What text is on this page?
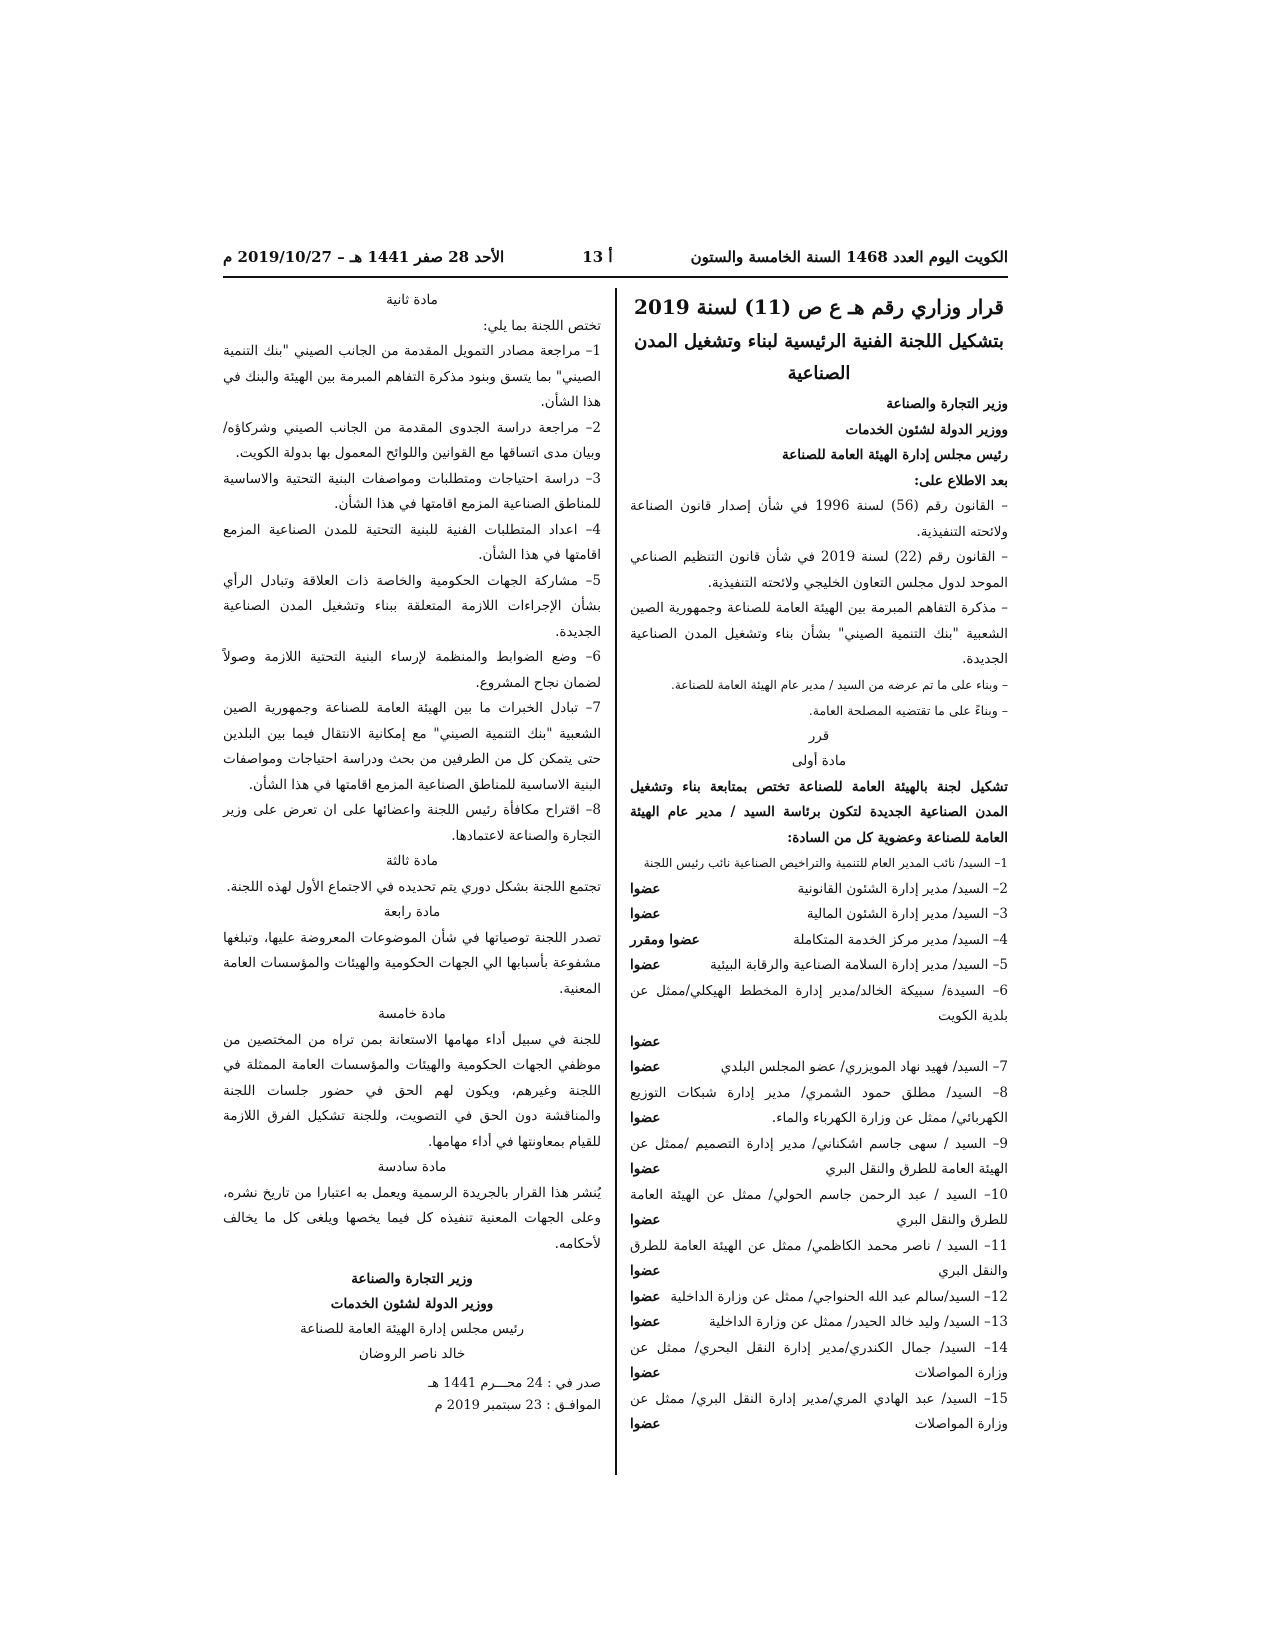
الكويت اليوم العدد 1468 السنة الخامسة والستون
أ 13
الأحد 28 صفر 1441 هـ – 2019/10/27 م
قرار وزاري رقم هـ ع ص (11) لسنة 2019
بتشكيل اللجنة الفنية الرئيسية لبناء وتشغيل المدن الصناعية

وزير التجارة والصناعة

ووزير الدولة لشئون الخدمات

رئيس مجلس إدارة الهيئة العامة للصناعة

بعد الاطلاع على:

– القانون رقم (56) لسنة 1996 في شأن إصدار قانون الصناعة ولائحته التنفيذية.

– القانون رقم (22) لسنة 2019 في شأن قانون التنظيم الصناعي الموحد لدول مجلس التعاون الخليجي ولائحته التنفيذية.

– مذكرة التفاهم المبرمة بين الهيئة العامة للصناعة وجمهورية الصين الشعبية "بنك التنمية الصيني" بشأن بناء وتشغيل المدن الصناعية الجديدة.

– وبناء على ما تم عرضه من السيد / مدير عام الهيئة العامة للصناعة.

– وبناءً على ما تقتضيه المصلحة العامة.

قرر

مادة أولى

تشكيل لجنة بالهيئة العامة للصناعة تختص بمتابعة بناء وتشغيل المدن الصناعية الجديدة لتكون برئاسة السيد / مدير عام الهيئة العامة للصناعة وعضوية كل من السادة:

1– السيد/ نائب المدير العام للتنمية والتراخيص الصناعية نائب رئيس اللجنة

2– السيد/ مدير إدارة الشئون القانونية
عضوا
3– السيد/ مدير إدارة الشئون المالية
عضوا
4– السيد/ مدير مركز الخدمة المتكاملة
عضوا ومقرر
5– السيد/ مدير إدارة السلامة الصناعية والرقابة البيئية
عضوا

6– السيدة/ سبيكة الخالد/مدير إدارة المخطط الهيكلي/ممثل عن بلدية الكويت

عضوا

7– السيد/ فهيد نهاد المويزري/ عضو المجلس البلدي
عضوا

8– السيد/ مطلق حمود الشمري/ مدير إدارة شبكات التوزيع الكهربائي/ ممثل عن وزارة الكهرباء والماء.
عضوا

9– السيد / سهى جاسم اشكناني/ مدير إدارة التصميم /ممثل عن الهيئة العامة للطرق والنقل البري
عضوا

10– السيد / عبد الرحمن جاسم الحولي/ ممثل عن الهيئة العامة للطرق والنقل البري
عضوا

11– السيد / ناصر محمد الكاظمي/ ممثل عن الهيئة العامة للطرق والنقل البري
عضوا

12– السيد/سالم عبد الله الحنواجي/ ممثل عن وزارة الداخلية
عضوا
13– السيد/ وليد خالد الحيدر/ ممثل عن وزارة الداخلية
عضوا

14– السيد/ جمال الكندري/مدير إدارة النقل البحري/ ممثل عن وزارة المواصلات
عضوا

15– السيد/ عبد الهادي المري/مدير إدارة النقل البري/ ممثل عن وزارة المواصلات
عضوا

مادة ثانية

تختص اللجنة بما يلي:

1– مراجعة مصادر التمويل المقدمة من الجانب الصيني "بنك التنمية الصيني" بما يتسق وبنود مذكرة التفاهم المبرمة بين الهيئة والبنك في هذا الشأن.

2– مراجعة دراسة الجدوى المقدمة من الجانب الصيني وشركاؤه/ وبيان مدى اتساقها مع القوانين واللوائح المعمول بها بدولة الكويت.

3– دراسة احتياجات ومتطلبات ومواصفات البنية التحتية والاساسية للمناطق الصناعية المزمع اقامتها في هذا الشأن.

4– اعداد المتطلبات الفنية للبنية التحتية للمدن الصناعية المزمع اقامتها في هذا الشأن.

5– مشاركة الجهات الحكومية والخاصة ذات العلاقة وتبادل الرأي بشأن الإجراءات اللازمة المتعلقة ببناء وتشغيل المدن الصناعية الجديدة.

6– وضع الضوابط والمنظمة لإرساء البنية التحتية اللازمة وصولاً لضمان نجاح المشروع.

7– تبادل الخبرات ما بين الهيئة العامة للصناعة وجمهورية الصين الشعبية "بنك التنمية الصيني" مع إمكانية الانتقال فيما بين البلدين حتى يتمكن كل من الطرفين من بحث ودراسة احتياجات ومواصفات البنية الاساسية للمناطق الصناعية المزمع اقامتها في هذا الشأن.

8– اقتراح مكافأة رئيس اللجنة واعضائها على ان تعرض على وزير التجارة والصناعة لاعتمادها.

مادة ثالثة

تجتمع اللجنة بشكل دوري يتم تحديده في الاجتماع الأول لهذه اللجنة.

مادة رابعة

تصدر اللجنة توصياتها في شأن الموضوعات المعروضة عليها، وتبلغها مشفوعة بأسبابها الي الجهات الحكومية والهيئات والمؤسسات العامة المعنية.

مادة خامسة

للجنة في سبيل أداء مهامها الاستعانة بمن تراه من المختصين من موظفي الجهات الحكومية والهيئات والمؤسسات العامة الممثلة في اللجنة وغيرهم، ويكون لهم الحق في حضور جلسات اللجنة والمناقشة دون الحق في التصويت، وللجنة تشكيل الفرق اللازمة للقيام بمعاونتها في أداء مهامها.

مادة سادسة

يُنشر هذا القرار بالجريدة الرسمية ويعمل به اعتبارا من تاريخ نشره، وعلى الجهات المعنية تنفيذه كل فيما يخصها ويلغى كل ما يخالف لأحكامه.

وزير التجارة والصناعة
ووزير الدولة لشئون الخدمات
رئيس مجلس إدارة الهيئة العامة للصناعة
خالد ناصر الروضان
صدر في : 24 محـــرم 1441 هـ
الموافـق : 23 سبتمبر 2019 م
